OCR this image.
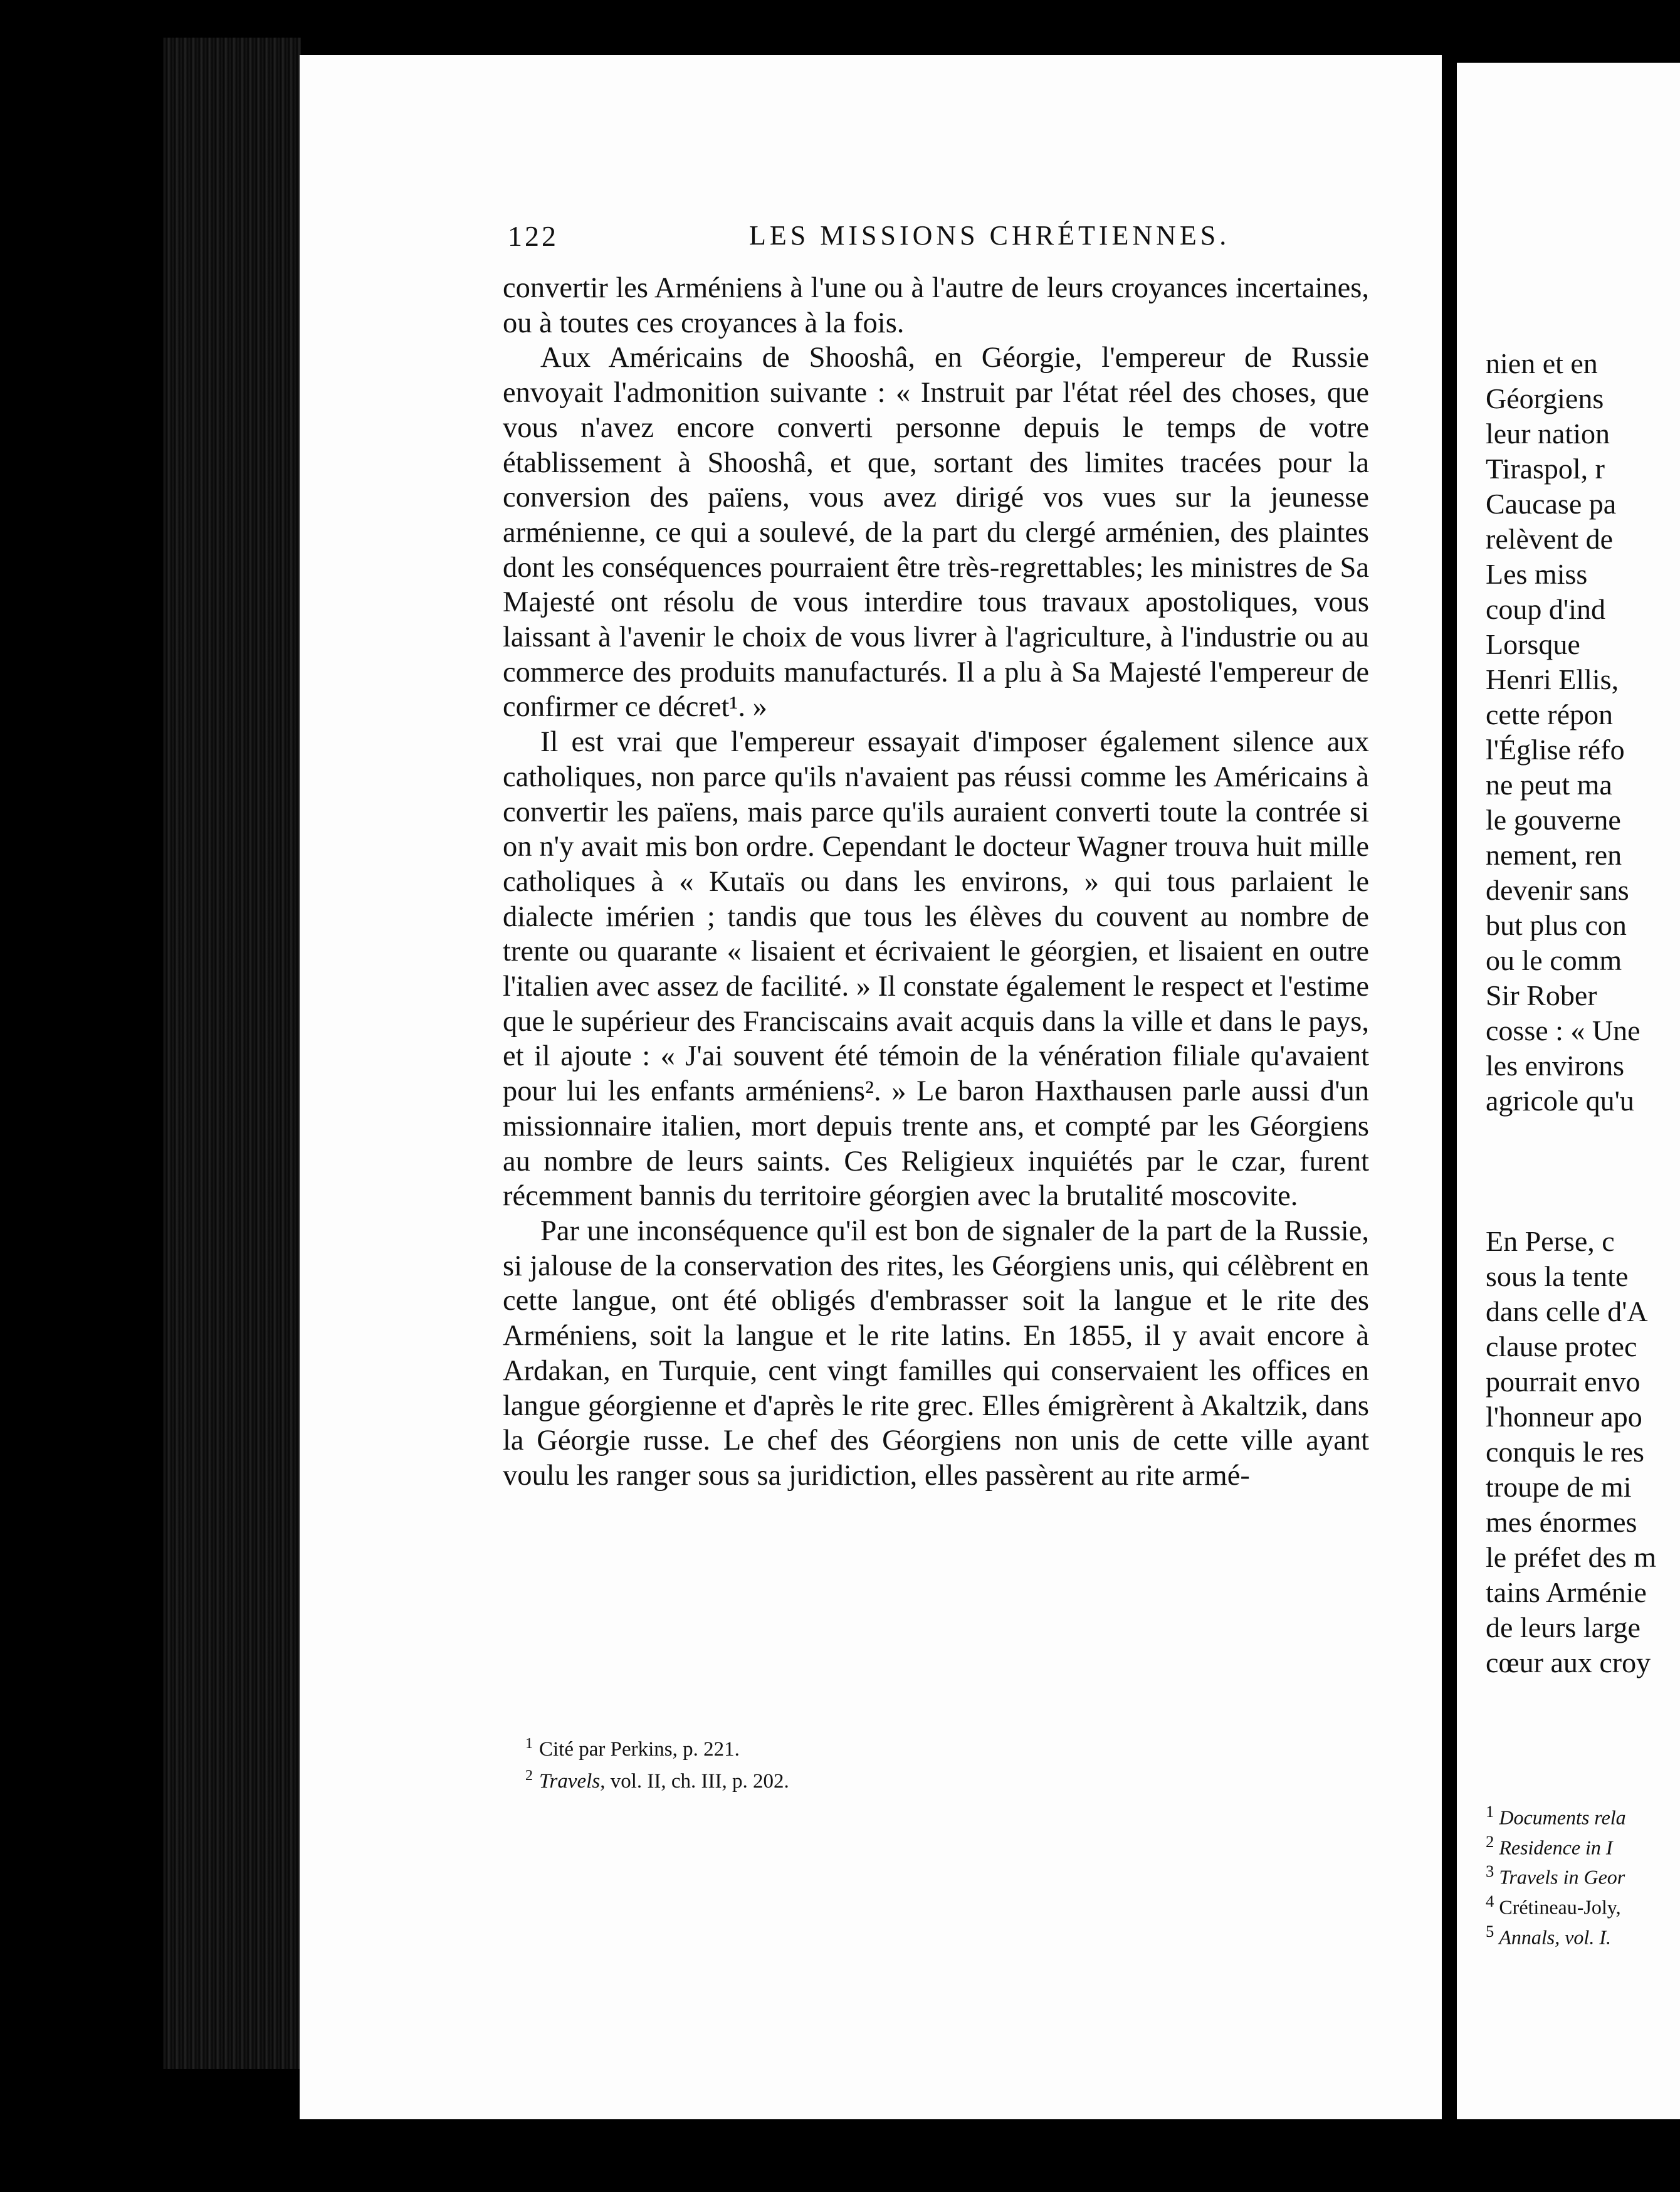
122	LES MISSIONS CHRÉTIENNES.

convertir les Arméniens à l'une ou à l'autre de leurs croyances incertaines, ou à toutes ces croyances à la fois.

Aux Américains de Shooshâ, en Géorgie, l'empereur de Russie envoyait l'admonition suivante : « Instruit par l'état réel des choses, que vous n'avez encore converti personne depuis le temps de votre établissement à Shooshâ, et que, sortant des limites tracées pour la conversion des païens, vous avez dirigé vos vues sur la jeunesse arménienne, ce qui a soulevé, de la part du clergé arménien, des plaintes dont les conséquences pourraient être très-regrettables; les ministres de Sa Majesté ont résolu de vous interdire tous travaux apostoliques, vous laissant à l'avenir le choix de vous livrer à l'agriculture, à l'industrie ou au commerce des produits manufacturés. Il a plu à Sa Majesté l'empereur de confirmer ce décret¹. »

Il est vrai que l'empereur essayait d'imposer également silence aux catholiques, non parce qu'ils n'avaient pas réussi comme les Américains à convertir les païens, mais parce qu'ils auraient converti toute la contrée si on n'y avait mis bon ordre. Cependant le docteur Wagner trouva huit mille catholiques à « Kutaïs ou dans les environs, » qui tous parlaient le dialecte imérien ; tandis que tous les élèves du couvent au nombre de trente ou quarante « lisaient et écrivaient le géorgien, et lisaient en outre l'italien avec assez de facilité. » Il constate également le respect et l'estime que le supérieur des Franciscains avait acquis dans la ville et dans le pays, et il ajoute : « J'ai souvent été témoin de la vénération filiale qu'avaient pour lui les enfants arméniens². » Le baron Haxthausen parle aussi d'un missionnaire italien, mort depuis trente ans, et compté par les Géorgiens au nombre de leurs saints. Ces Religieux inquiétés par le czar, furent récemment bannis du territoire géorgien avec la brutalité moscovite.

Par une inconséquence qu'il est bon de signaler de la part de la Russie, si jalouse de la conservation des rites, les Géorgiens unis, qui célèbrent en cette langue, ont été obligés d'embrasser soit la langue et le rite des Arméniens, soit la langue et le rite latins. En 1855, il y avait encore à Ardakan, en Turquie, cent vingt familles qui conservaient les offices en langue géorgienne et d'après le rite grec. Elles émigrèrent à Akaltzik, dans la Géorgie russe. Le chef des Géorgiens non unis de cette ville ayant voulu les ranger sous sa juridiction, elles passèrent au rite armé-

$^1$ Cité par Perkins, p. 221.
$^2$ Travels, vol. II, ch. III, p. 202.
nien et en
Géorgiens
leur nation
Tiraspol, r
Caucase pa
relèvent de
Les miss
coup d'ind
Lorsque
Henri Ellis,
cette répon
l'Église réfo
ne peut ma
le gouverne
nement, ren
devenir sans
but plus con
ou le comm
Sir Rober
cosse : « Une
les environs
agricole qu'u
En Perse, c
sous la tente
dans celle d'A
clause protec
pourrait envo
l'honneur apo
conquis le res
troupe de mi
mes énormes
le préfet des m
tains Arménie
de leurs large
cœur aux croy
$^1$ Documents rela
$^2$ Residence in I
$^3$ Travels in Geor
$^4$ Crétineau-Joly,
$^5$ Annals, vol. I.
